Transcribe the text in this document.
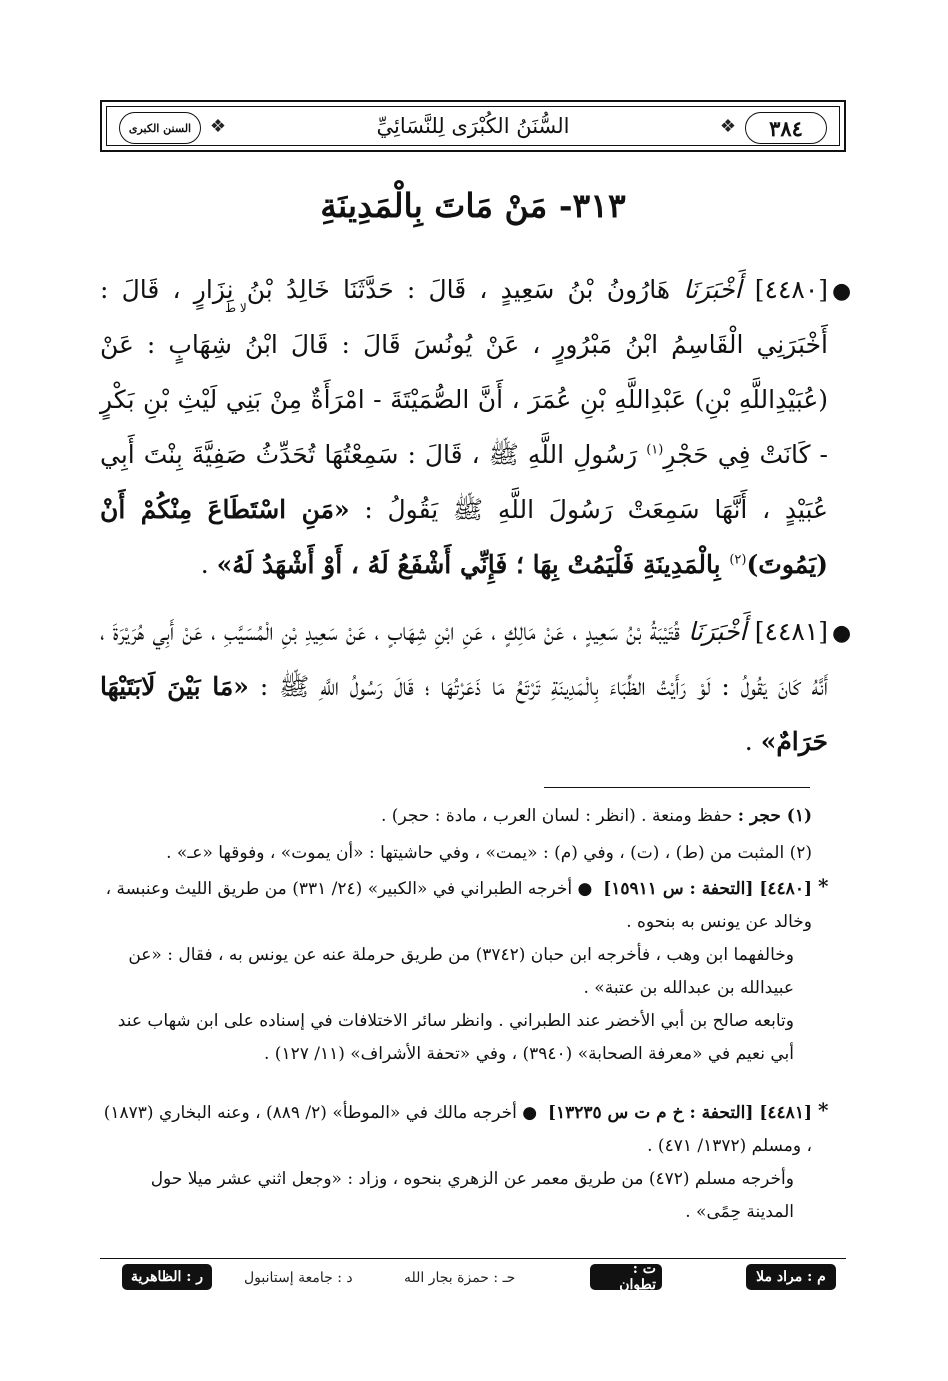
السنن الكبرى	❖	السُّنَنُ الكُبْرَى لِلنَّسَائِيِّ	❖	٣٨٤
٣١٣- مَنْ مَاتَ بِالْمَدِينَةِ
●
لا ط
[٤٤٨٠] أَخْبَرَنَا هَارُونُ بْنُ سَعِيدٍ ، قَالَ : حَدَّثَنَا خَالِدُ بْنُ نِزَارٍ ، قَالَ : أَخْبَرَنِي الْقَاسِمُ ابْنُ مَبْرُورٍ ، عَنْ يُونُسَ قَالَ : قَالَ ابْنُ شِهَابٍ : عَنْ (عُبَيْدِاللَّهِ بْنِ) عَبْدِاللَّهِ بْنِ عُمَرَ ، أَنَّ الصُّمَيْتَةَ - امْرَأَةٌ مِنْ بَنِي لَيْثِ بْنِ بَكْرٍ - كَانَتْ فِي حَجْرِ$^{(١)}$ رَسُولِ اللَّهِ ﷺ ، قَالَ : سَمِعْتُهَا تُحَدِّثُ صَفِيَّةَ بِنْتَ أَبِي عُبَيْدٍ ، أَنَّهَا سَمِعَتْ رَسُولَ اللَّهِ ﷺ يَقُولُ : «مَنِ اسْتَطَاعَ مِنْكُمْ أَنْ (يَمُوتَ)$^{(٢)}$ بِالْمَدِينَةِ فَلْيَمُتْ بِهَا ؛ فَإِنِّي أَشْفَعُ لَهُ ، أَوْ أَشْهَدُ لَهُ» .
●
[٤٤٨١] أَخْبَرَنَا قُتَيْبَةُ بْنُ سَعِيدٍ ، عَنْ مَالِكٍ ، عَنِ ابْنِ شِهَابٍ ، عَنْ سَعِيدِ بْنِ الْمُسَيَّبِ ، عَنْ أَبِي هُرَيْرَةَ ، أَنَّهُ كَانَ يَقُولُ : لَوْ رَأَيْتُ الظِّبَاءَ بِالْمَدِينَةِ تَرْتَعُ مَا ذَعَرْتُهَا ؛ قَالَ رَسُولُ اللَّهِ ﷺ : «مَا بَيْنَ لَابَتَيْهَا حَرَامٌ» .
(١) حجر : حفظ ومنعة . (انظر : لسان العرب ، مادة : حجر) .
(٢) المثبت من (ط) ، (ت) ، وفي (م) : «يمت» ، وفي حاشيتها : «أن يموت» ، وفوقها «عـ» .
*
[٤٤٨٠] [التحفة : س ١٥٩١١]  ● أخرجه الطبراني في «الكبير» (٢٤/ ٣٣١) من طريق الليث وعنبسة ، وخالد عن يونس به بنحوه .
وخالفهما ابن وهب ، فأخرجه ابن حبان (٣٧٤٢) من طريق حرملة عنه عن يونس به ، فقال : «عن عبيدالله بن عبدالله بن عتبة» .
وتابعه صالح بن أبي الأخضر عند الطبراني . وانظر سائر الاختلافات في إسناده على ابن شهاب عند أبي نعيم في «معرفة الصحابة» (٣٩٤٠) ، وفي «تحفة الأشراف» (١١/ ١٢٧) .
*
[٤٤٨١] [التحفة : خ م ت س ١٣٢٣٥]  ● أخرجه مالك في «الموطأ» (٢/ ٨٨٩) ، وعنه البخاري (١٨٧٣) ، ومسلم (١٣٧٢/ ٤٧١) .
وأخرجه مسلم (٤٧٢) من طريق معمر عن الزهري بنحوه ، وزاد : «وجعل اثني عشر ميلا حول المدينة حِمًى» .
م : مراد ملا
ت : تطوان
حـ : حمزة بجار الله
د : جامعة إستانبول
ر : الظاهرية
